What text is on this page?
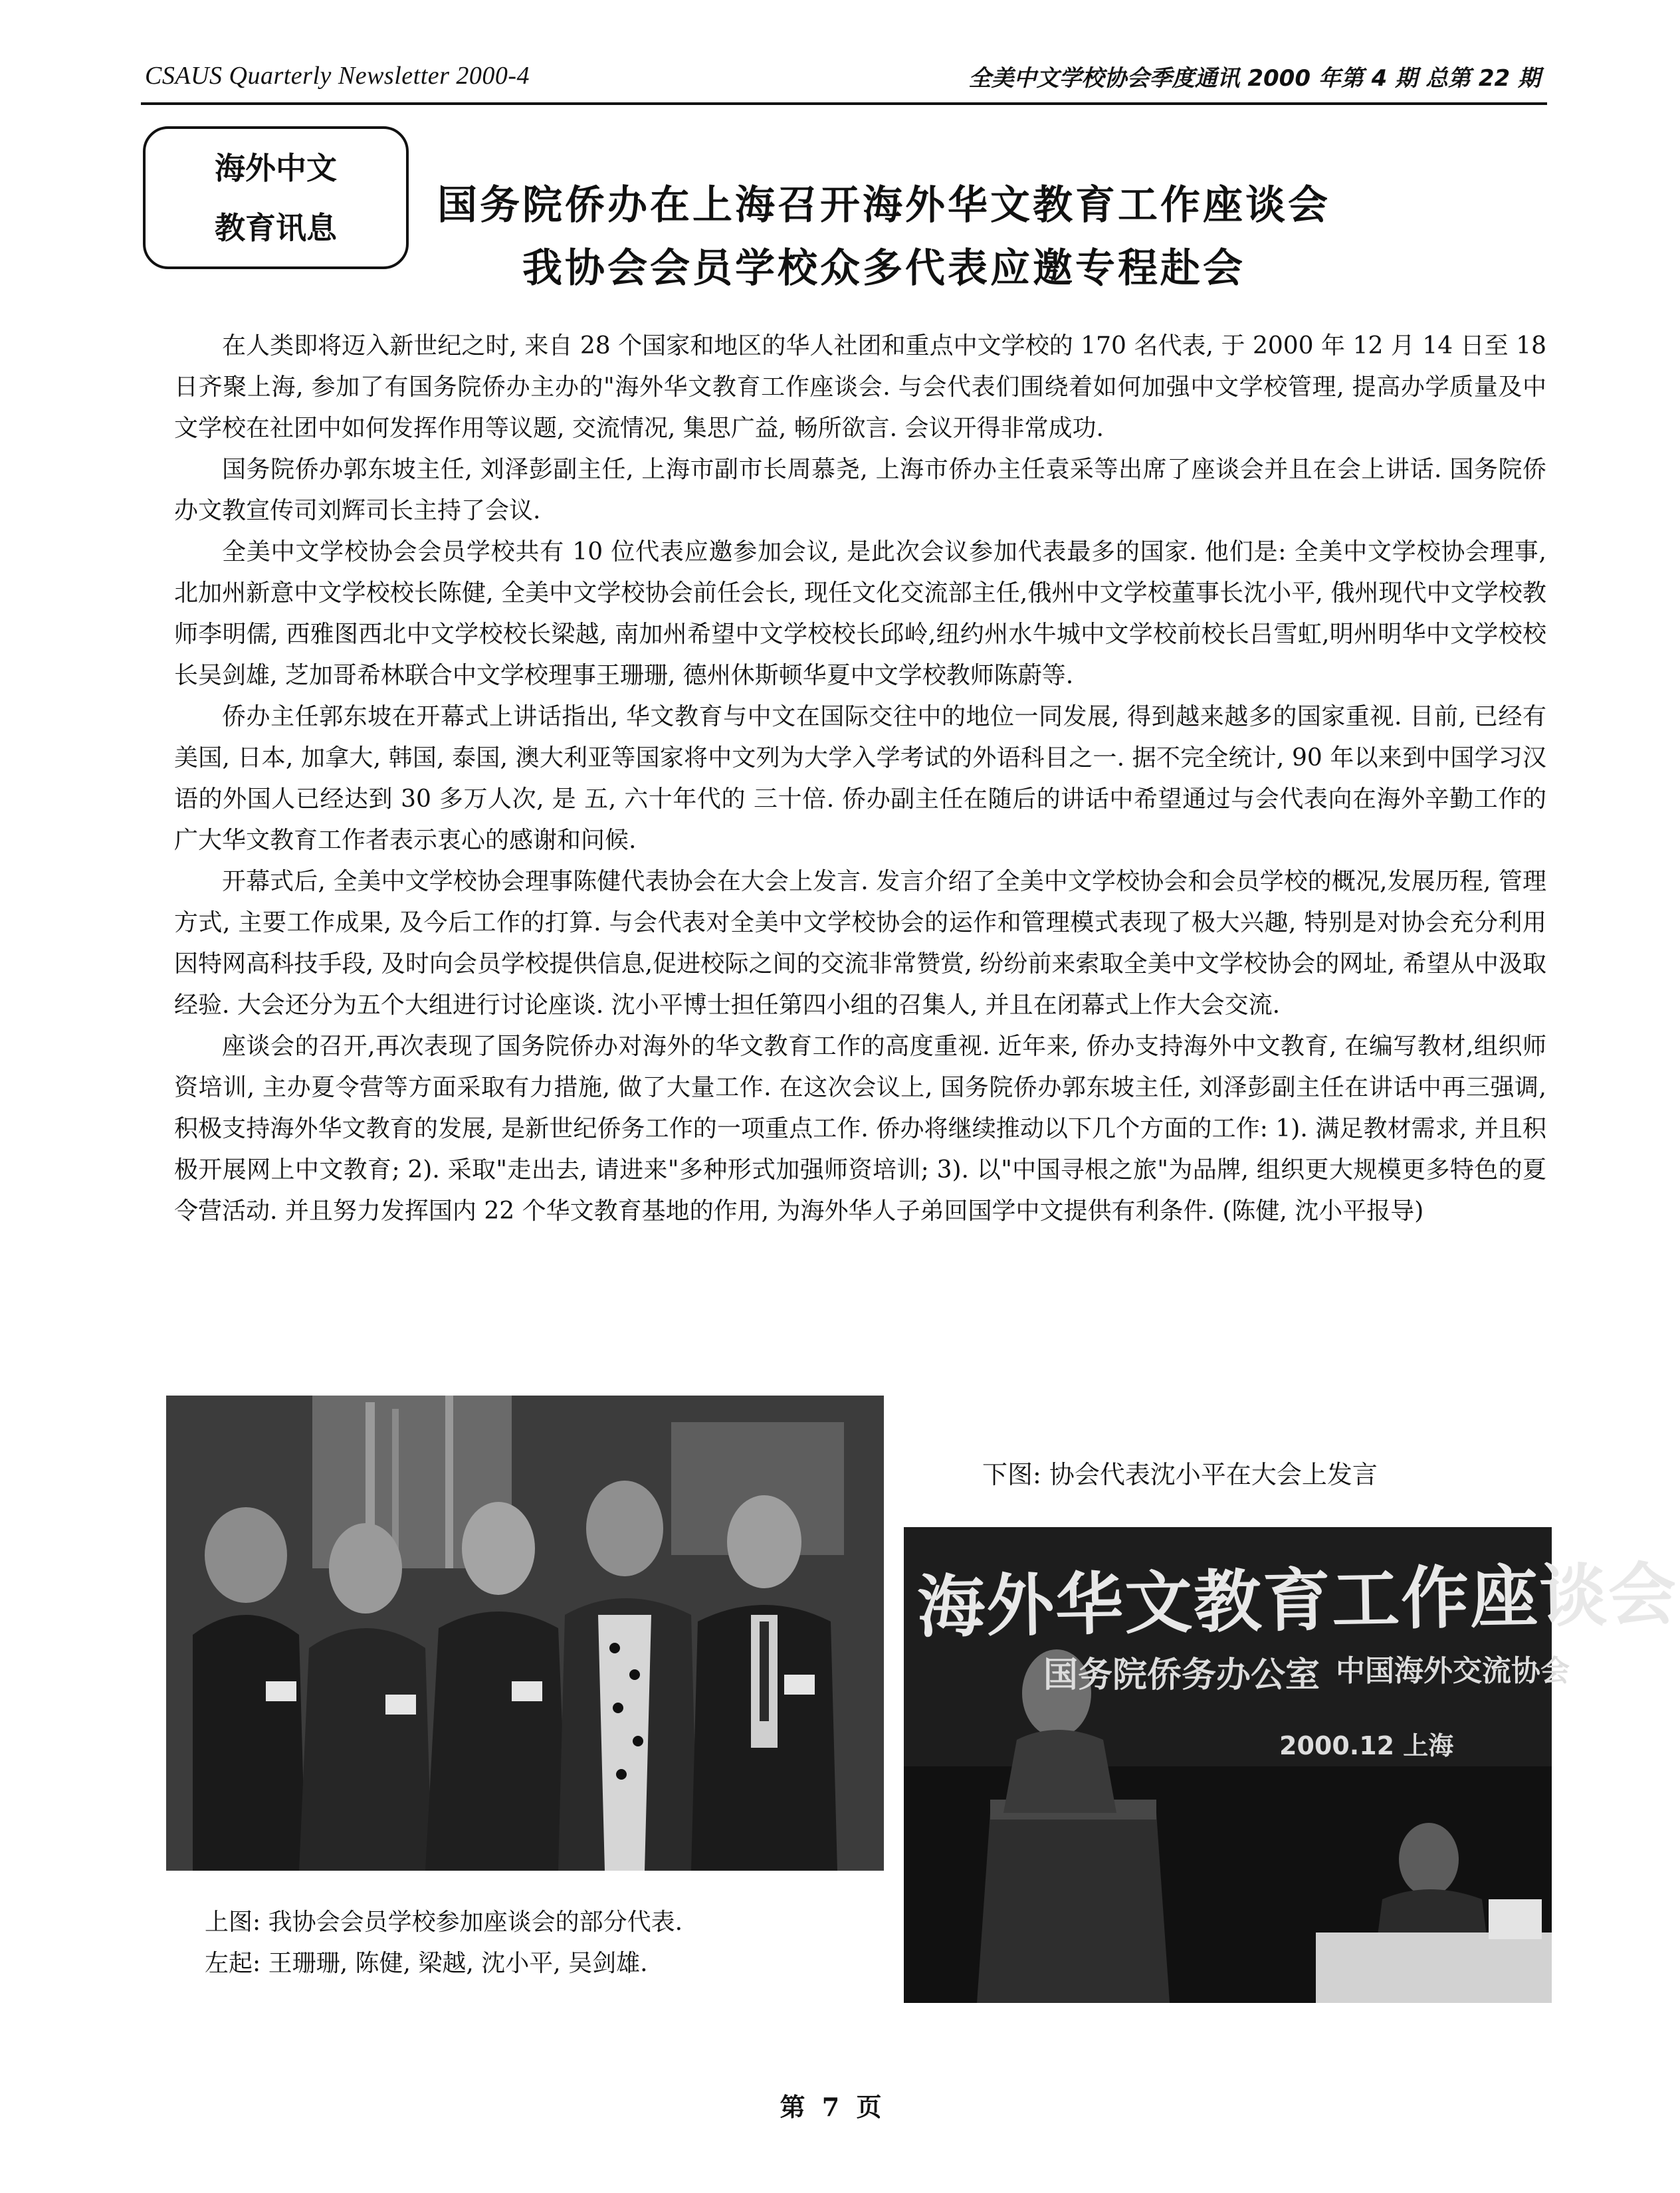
CSAUS Quarterly Newsletter 2000-4	全美中文学校协会季度通讯 2000 年第 4 期 总第 22 期
海外中文
教育讯息	国务院侨办在上海召开海外华文教育工作座谈会
我协会会员学校众多代表应邀专程赴会

在人类即将迈入新世纪之时, 来自 28 个国家和地区的华人社团和重点中文学校的 170 名代表, 于 2000 年 12 月 14 日至 18 日齐聚上海, 参加了有国务院侨办主办的"海外华文教育工作座谈会. 与会代表们围绕着如何加强中文学校管理, 提高办学质量及中文学校在社团中如何发挥作用等议题, 交流情况, 集思广益, 畅所欲言. 会议开得非常成功.

国务院侨办郭东坡主任, 刘泽彭副主任, 上海市副市长周慕尧, 上海市侨办主任袁采等出席了座谈会并且在会上讲话. 国务院侨办文教宣传司刘辉司长主持了会议.

全美中文学校协会会员学校共有 10 位代表应邀参加会议, 是此次会议参加代表最多的国家. 他们是: 全美中文学校协会理事, 北加州新意中文学校校长陈健, 全美中文学校协会前任会长, 现任文化交流部主任,俄州中文学校董事长沈小平, 俄州现代中文学校教师李明儒, 西雅图西北中文学校校长梁越, 南加州希望中文学校校长邱岭,纽约州水牛城中文学校前校长吕雪虹,明州明华中文学校校长吴剑雄, 芝加哥希林联合中文学校理事王珊珊, 德州休斯顿华夏中文学校教师陈蔚等.

侨办主任郭东坡在开幕式上讲话指出, 华文教育与中文在国际交往中的地位一同发展, 得到越来越多的国家重视. 目前, 已经有美国, 日本, 加拿大, 韩国, 泰国, 澳大利亚等国家将中文列为大学入学考试的外语科目之一. 据不完全统计, 90 年以来到中国学习汉语的外国人已经达到 30 多万人次, 是 五, 六十年代的 三十倍. 侨办副主任在随后的讲话中希望通过与会代表向在海外辛勤工作的广大华文教育工作者表示衷心的感谢和问候.

开幕式后, 全美中文学校协会理事陈健代表协会在大会上发言. 发言介绍了全美中文学校协会和会员学校的概况,发展历程, 管理方式, 主要工作成果, 及今后工作的打算. 与会代表对全美中文学校协会的运作和管理模式表现了极大兴趣, 特别是对协会充分利用因特网高科技手段, 及时向会员学校提供信息,促进校际之间的交流非常赞赏, 纷纷前来索取全美中文学校协会的网址, 希望从中汲取经验. 大会还分为五个大组进行讨论座谈. 沈小平博士担任第四小组的召集人, 并且在闭幕式上作大会交流.

座谈会的召开,再次表现了国务院侨办对海外的华文教育工作的高度重视. 近年来, 侨办支持海外中文教育, 在编写教材,组织师资培训, 主办夏令营等方面采取有力措施, 做了大量工作. 在这次会议上, 国务院侨办郭东坡主任, 刘泽彭副主任在讲话中再三强调, 积极支持海外华文教育的发展, 是新世纪侨务工作的一项重点工作. 侨办将继续推动以下几个方面的工作: 1). 满足教材需求, 并且积极开展网上中文教育; 2). 采取"走出去, 请进来"多种形式加强师资培训; 3). 以"中国寻根之旅"为品牌, 组织更大规模更多特色的夏令营活动. 并且努力发挥国内 22 个华文教育基地的作用, 为海外华人子弟回国学中文提供有利条件. (陈健, 沈小平报导)

下图: 协会代表沈小平在大会上发言
海外华文教育工作座谈会
国务院侨务办公室 中国海外交流协会
2000.12 上海
上图: 我协会会员学校参加座谈会的部分代表.
左起: 王珊珊, 陈健, 梁越, 沈小平, 吴剑雄.
第 7 页
